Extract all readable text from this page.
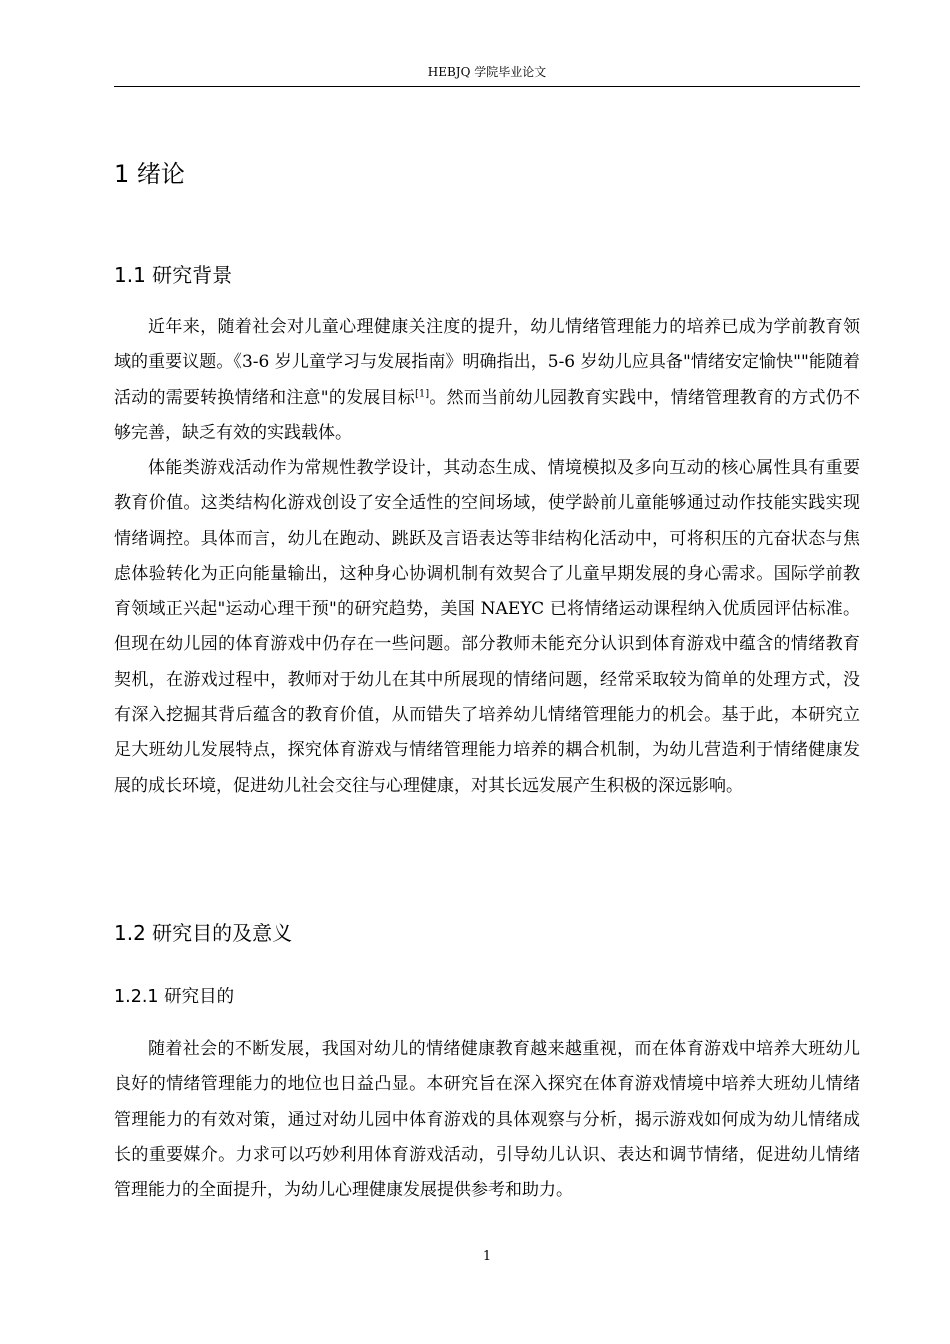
HEBJQ 学院毕业论文
1 绪论
1.1 研究背景

近年来，随着社会对儿童心理健康关注度的提升，幼儿情绪管理能力的培养已成为学前教育领域的重要议题。《3-6 岁儿童学习与发展指南》明确指出，5-6 岁幼儿应具备"情绪安定愉快""能随着活动的需要转换情绪和注意"的发展目标[1]。然而当前幼儿园教育实践中，情绪管理教育的方式仍不够完善，缺乏有效的实践载体。

体能类游戏活动作为常规性教学设计，其动态生成、情境模拟及多向互动的核心属性具有重要教育价值。这类结构化游戏创设了安全适性的空间场域，使学龄前儿童能够通过动作技能实践实现情绪调控。具体而言，幼儿在跑动、跳跃及言语表达等非结构化活动中，可将积压的亢奋状态与焦虑体验转化为正向能量输出，这种身心协调机制有效契合了儿童早期发展的身心需求。国际学前教育领域正兴起"运动心理干预"的研究趋势，美国 NAEYC 已将情绪运动课程纳入优质园评估标准。但现在幼儿园的体育游戏中仍存在一些问题。部分教师未能充分认识到体育游戏中蕴含的情绪教育契机，在游戏过程中，教师对于幼儿在其中所展现的情绪问题，经常采取较为简单的处理方式，没有深入挖掘其背后蕴含的教育价值，从而错失了培养幼儿情绪管理能力的机会。基于此，本研究立足大班幼儿发展特点，探究体育游戏与情绪管理能力培养的耦合机制，为幼儿营造利于情绪健康发展的成长环境，促进幼儿社会交往与心理健康，对其长远发展产生积极的深远影响。

1.2 研究目的及意义
1.2.1 研究目的

随着社会的不断发展，我国对幼儿的情绪健康教育越来越重视，而在体育游戏中培养大班幼儿良好的情绪管理能力的地位也日益凸显。本研究旨在深入探究在体育游戏情境中培养大班幼儿情绪管理能力的有效对策，通过对幼儿园中体育游戏的具体观察与分析，揭示游戏如何成为幼儿情绪成长的重要媒介。力求可以巧妙利用体育游戏活动，引导幼儿认识、表达和调节情绪，促进幼儿情绪管理能力的全面提升，为幼儿心理健康发展提供参考和助力。

1
